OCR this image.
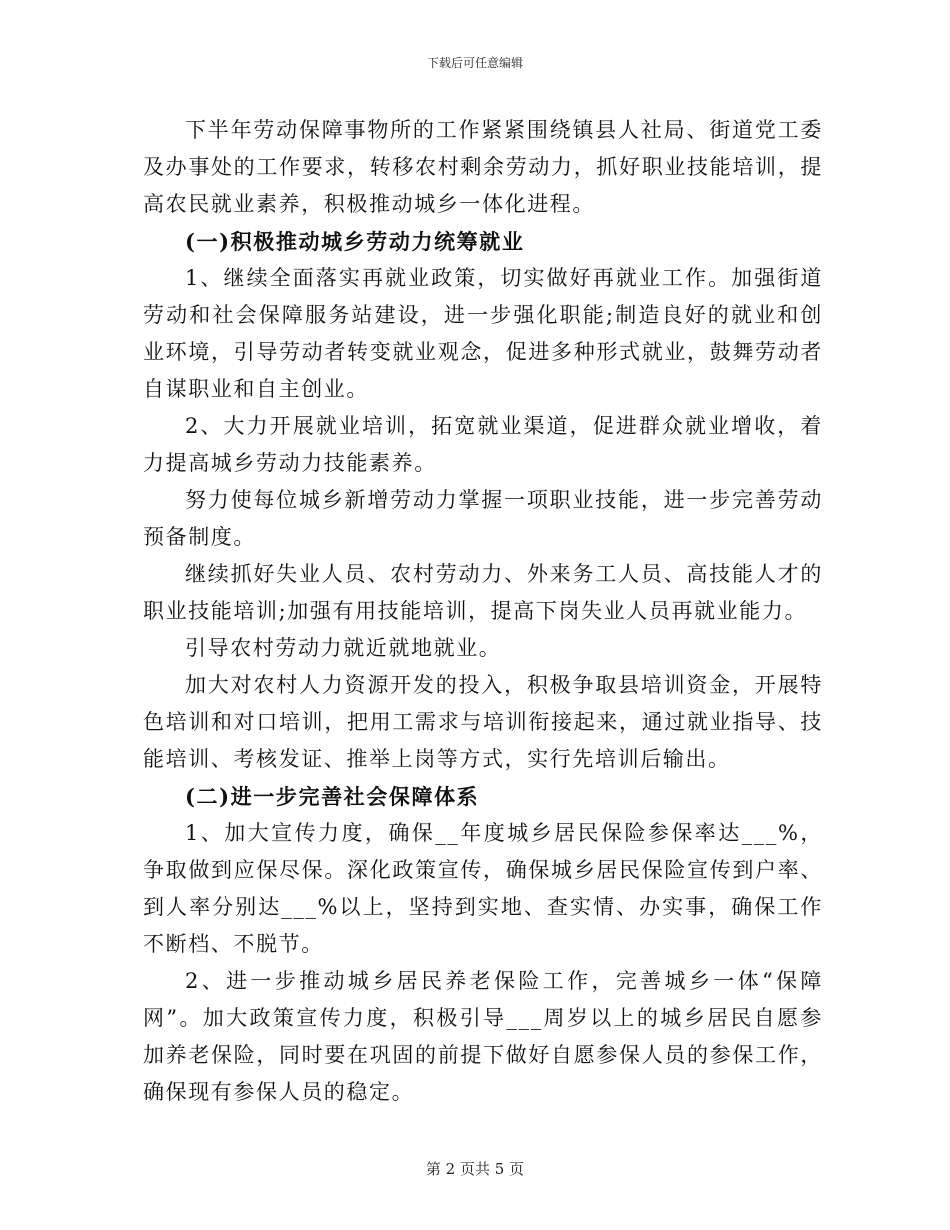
下载后可任意编辑

下半年劳动保障事物所的工作紧紧围绕镇县人社局、街道党工委及办事处的工作要求，转移农村剩余劳动力，抓好职业技能培训，提高农民就业素养，积极推动城乡一体化进程。

(一)积极推动城乡劳动力统筹就业

1、继续全面落实再就业政策，切实做好再就业工作。加强街道劳动和社会保障服务站建设，进一步强化职能;制造良好的就业和创业环境，引导劳动者转变就业观念，促进多种形式就业，鼓舞劳动者自谋职业和自主创业。

2、大力开展就业培训，拓宽就业渠道，促进群众就业增收，着力提高城乡劳动力技能素养。

努力使每位城乡新增劳动力掌握一项职业技能，进一步完善劳动预备制度。

继续抓好失业人员、农村劳动力、外来务工人员、高技能人才的职业技能培训;加强有用技能培训，提高下岗失业人员再就业能力。

引导农村劳动力就近就地就业。

加大对农村人力资源开发的投入，积极争取县培训资金，开展特色培训和对口培训，把用工需求与培训衔接起来，通过就业指导、技能培训、考核发证、推举上岗等方式，实行先培训后输出。

(二)进一步完善社会保障体系

1、加大宣传力度，确保__年度城乡居民保险参保率达___%，争取做到应保尽保。深化政策宣传，确保城乡居民保险宣传到户率、到人率分别达___%以上，坚持到实地、查实情、办实事，确保工作不断档、不脱节。

2、进一步推动城乡居民养老保险工作，完善城乡一体“保障网”。加大政策宣传力度，积极引导___周岁以上的城乡居民自愿参加养老保险，同时要在巩固的前提下做好自愿参保人员的参保工作，确保现有参保人员的稳定。

第 2 页共 5 页
